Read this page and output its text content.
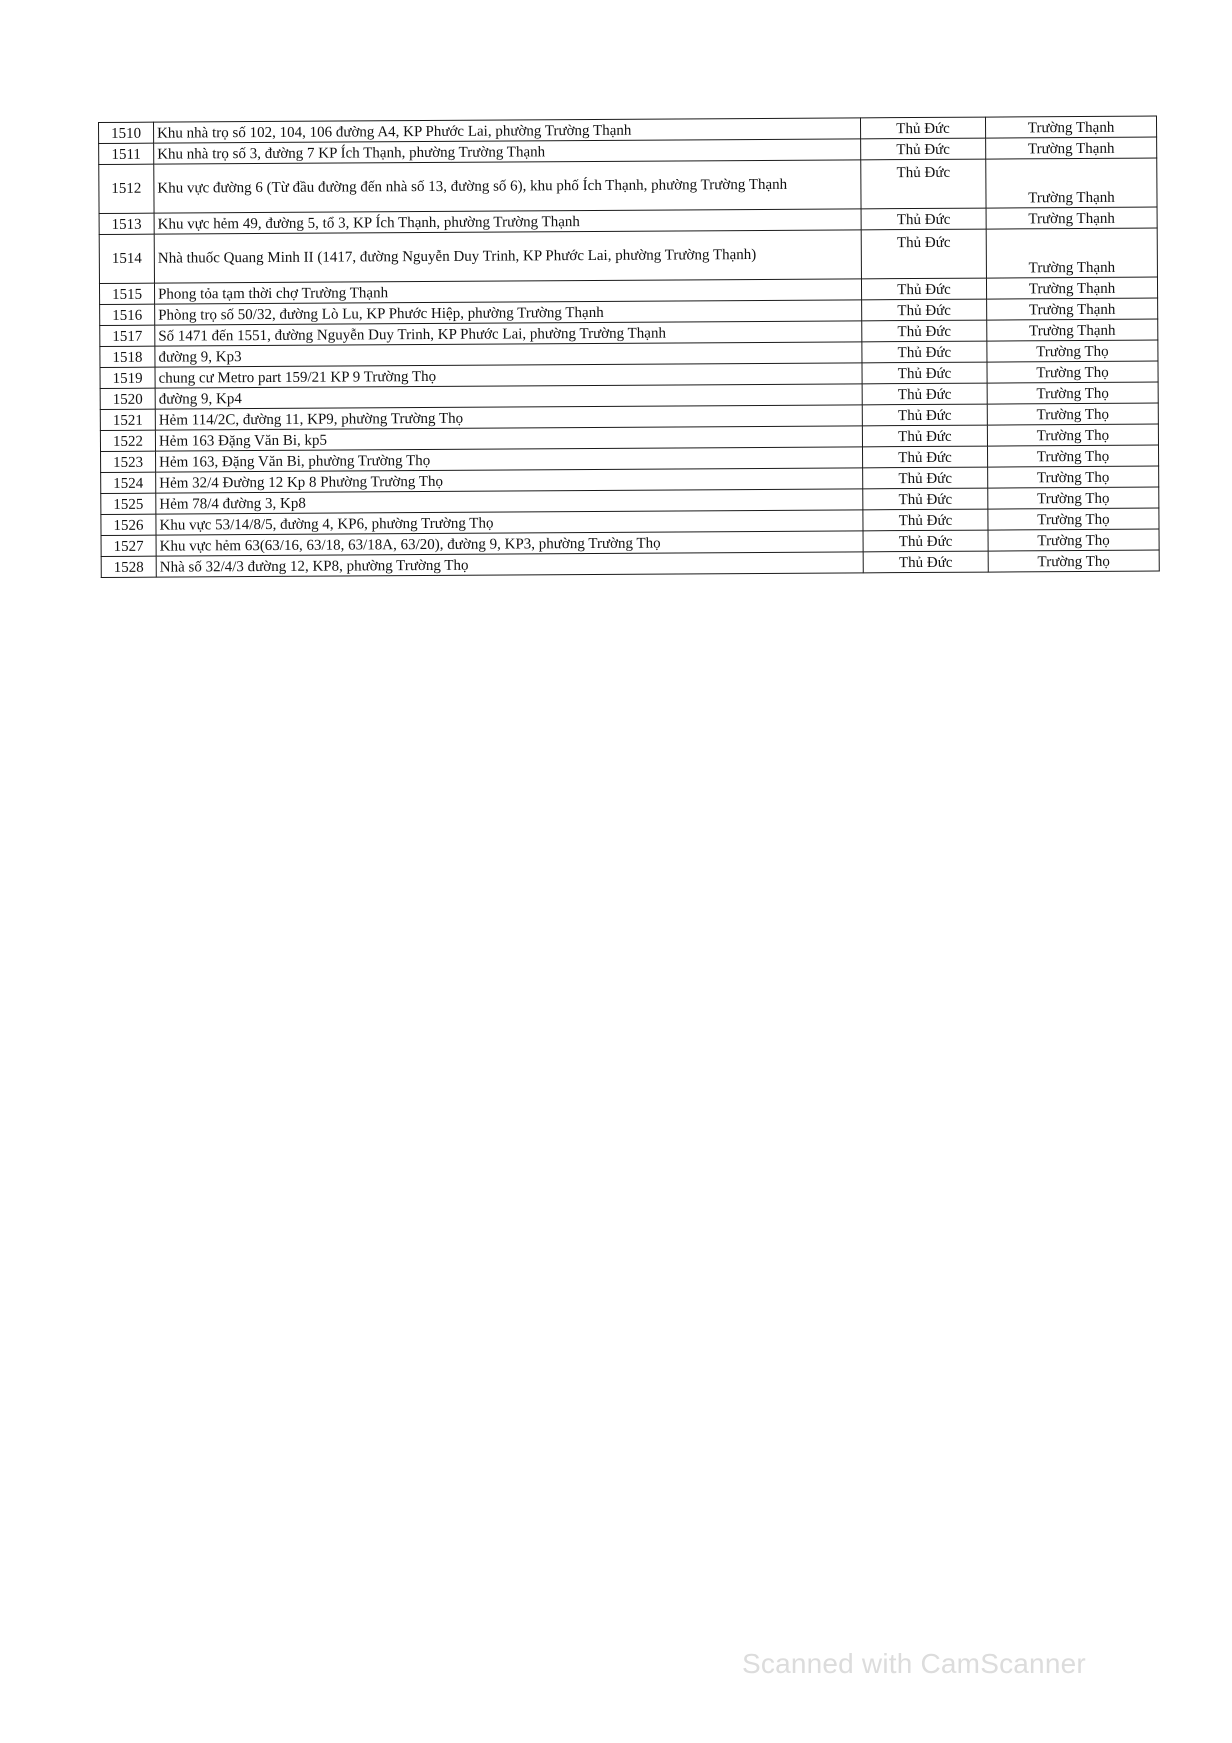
1510	Khu nhà trọ số 102, 104, 106 đường A4, KP Phước Lai, phường Trường Thạnh	Thủ Đức	Trường Thạnh
1511	Khu nhà trọ số 3, đường 7 KP Ích Thạnh, phường Trường Thạnh	Thủ Đức	Trường Thạnh
1512	Khu vực đường 6 (Từ đầu đường đến nhà số 13, đường số 6), khu phố Ích Thạnh, phường Trường Thạnh	Thủ Đức	Trường Thạnh
1513	Khu vực hẻm 49, đường 5, tổ 3, KP Ích Thạnh, phường Trường Thạnh	Thủ Đức	Trường Thạnh
1514	Nhà thuốc Quang Minh II (1417, đường Nguyễn Duy Trinh, KP Phước Lai, phường Trường Thạnh)	Thủ Đức	Trường Thạnh
1515	Phong tỏa tạm thời chợ Trường Thạnh	Thủ Đức	Trường Thạnh
1516	Phòng trọ số 50/32, đường Lò Lu, KP Phước Hiệp, phường Trường Thạnh	Thủ Đức	Trường Thạnh
1517	Số 1471 đến 1551, đường Nguyễn Duy Trinh, KP Phước Lai, phường Trường Thạnh	Thủ Đức	Trường Thạnh
1518	đường 9, Kp3	Thủ Đức	Trường Thọ
1519	chung cư Metro part 159/21 KP 9 Trường Thọ	Thủ Đức	Trường Thọ
1520	đường 9, Kp4	Thủ Đức	Trường Thọ
1521	Hẻm 114/2C, đường 11, KP9, phường Trường Thọ	Thủ Đức	Trường Thọ
1522	Hẻm 163 Đặng Văn Bi, kp5	Thủ Đức	Trường Thọ
1523	Hẻm 163, Đặng Văn Bi, phường Trường Thọ	Thủ Đức	Trường Thọ
1524	Hẻm 32/4 Đường 12 Kp 8 Phường Trường Thọ	Thủ Đức	Trường Thọ
1525	Hẻm 78/4 đường 3, Kp8	Thủ Đức	Trường Thọ
1526	Khu vực 53/14/8/5, đường 4, KP6, phường Trường Thọ	Thủ Đức	Trường Thọ
1527	Khu vực hẻm 63(63/16, 63/18, 63/18A, 63/20), đường 9, KP3, phường Trường Thọ	Thủ Đức	Trường Thọ
1528	Nhà số 32/4/3 đường 12, KP8, phường Trường Thọ	Thủ Đức	Trường Thọ
Scanned with CamScanner
